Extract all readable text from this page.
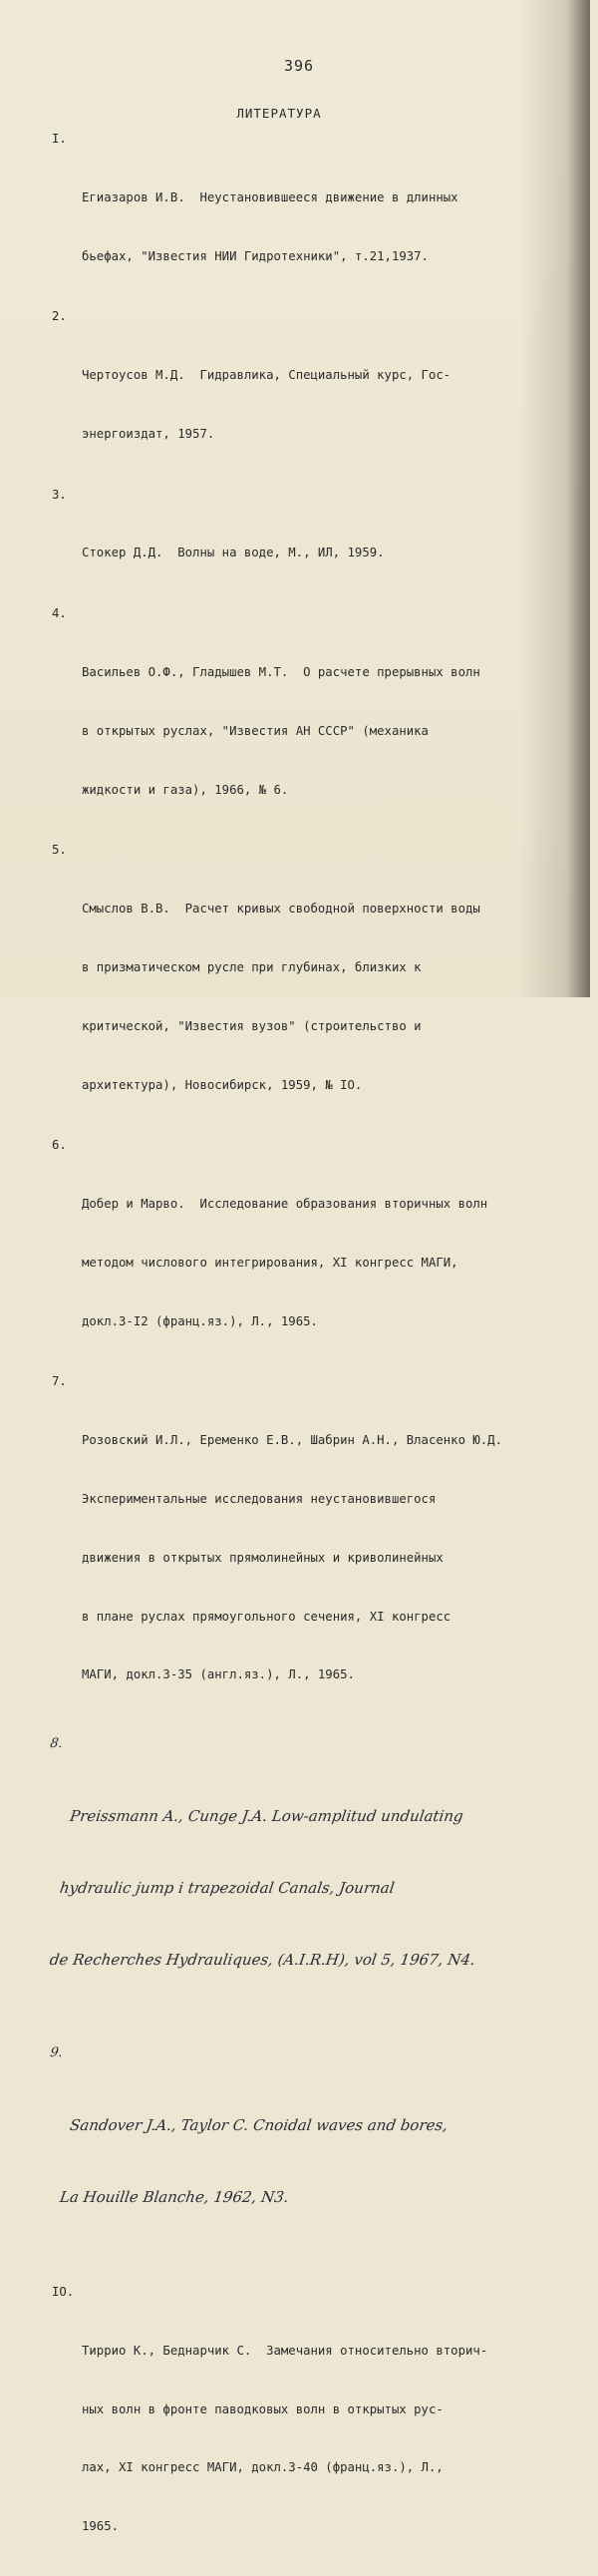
396
ЛИТЕРАТУРА

I.

Егиазаров И.В.  Неустановившееся движение в длинных

бьефах, "Известия НИИ Гидротехники", т.21,1937.

2.

Чертоусов М.Д.  Гидравлика, Специальный курс, Гос-

энергоиздат, 1957.

3.

Стокер Д.Д.  Волны на воде, М., ИЛ, 1959.

4.

Васильев О.Ф., Гладышев М.Т.  О расчете прерывных волн

в открытых руслах, "Известия АН СССР" (механика

жидкости и газа), 1966, № 6.

5.

Смыслов В.В.  Расчет кривых свободной поверхности воды

в призматическом русле при глубинах, близких к

критической, "Известия вузов" (строительство и

архитектура), Новосибирск, 1959, № IO.

6.

Добер и Марво.  Исследование образования вторичных волн

методом числового интегрирования, XI конгресс МАГИ,

докл.3-I2 (франц.яз.), Л., 1965.

7.

Розовский И.Л., Еременко Е.В., Шабрин А.Н., Власенко Ю.Д.

Экспериментальные исследования неустановившегося

движения в открытых прямолинейных и криволинейных

в плане руслах прямоугольного сечения, XI конгресс

МАГИ, докл.3-35 (англ.яз.), Л., 1965.

8.

Preissmann A., Cunge J.A. Low-amplitud undulating

hydraulic jump i trapezoidal Canals, Journal

de Recherches Hydrauliques, (A.I.R.H), vol 5, 1967, N4.

9.

Sandover J.A., Taylor C. Cnoidal waves and bores,

La Houille Blanche, 1962, N3.

IO.

Тиррио К., Беднарчик С.  Замечания относительно вторич-

ных волн в фронте паводковых волн в открытых рус-

лах, XI конгресс МАГИ, докл.3-40 (франц.яз.), Л.,

1965.
